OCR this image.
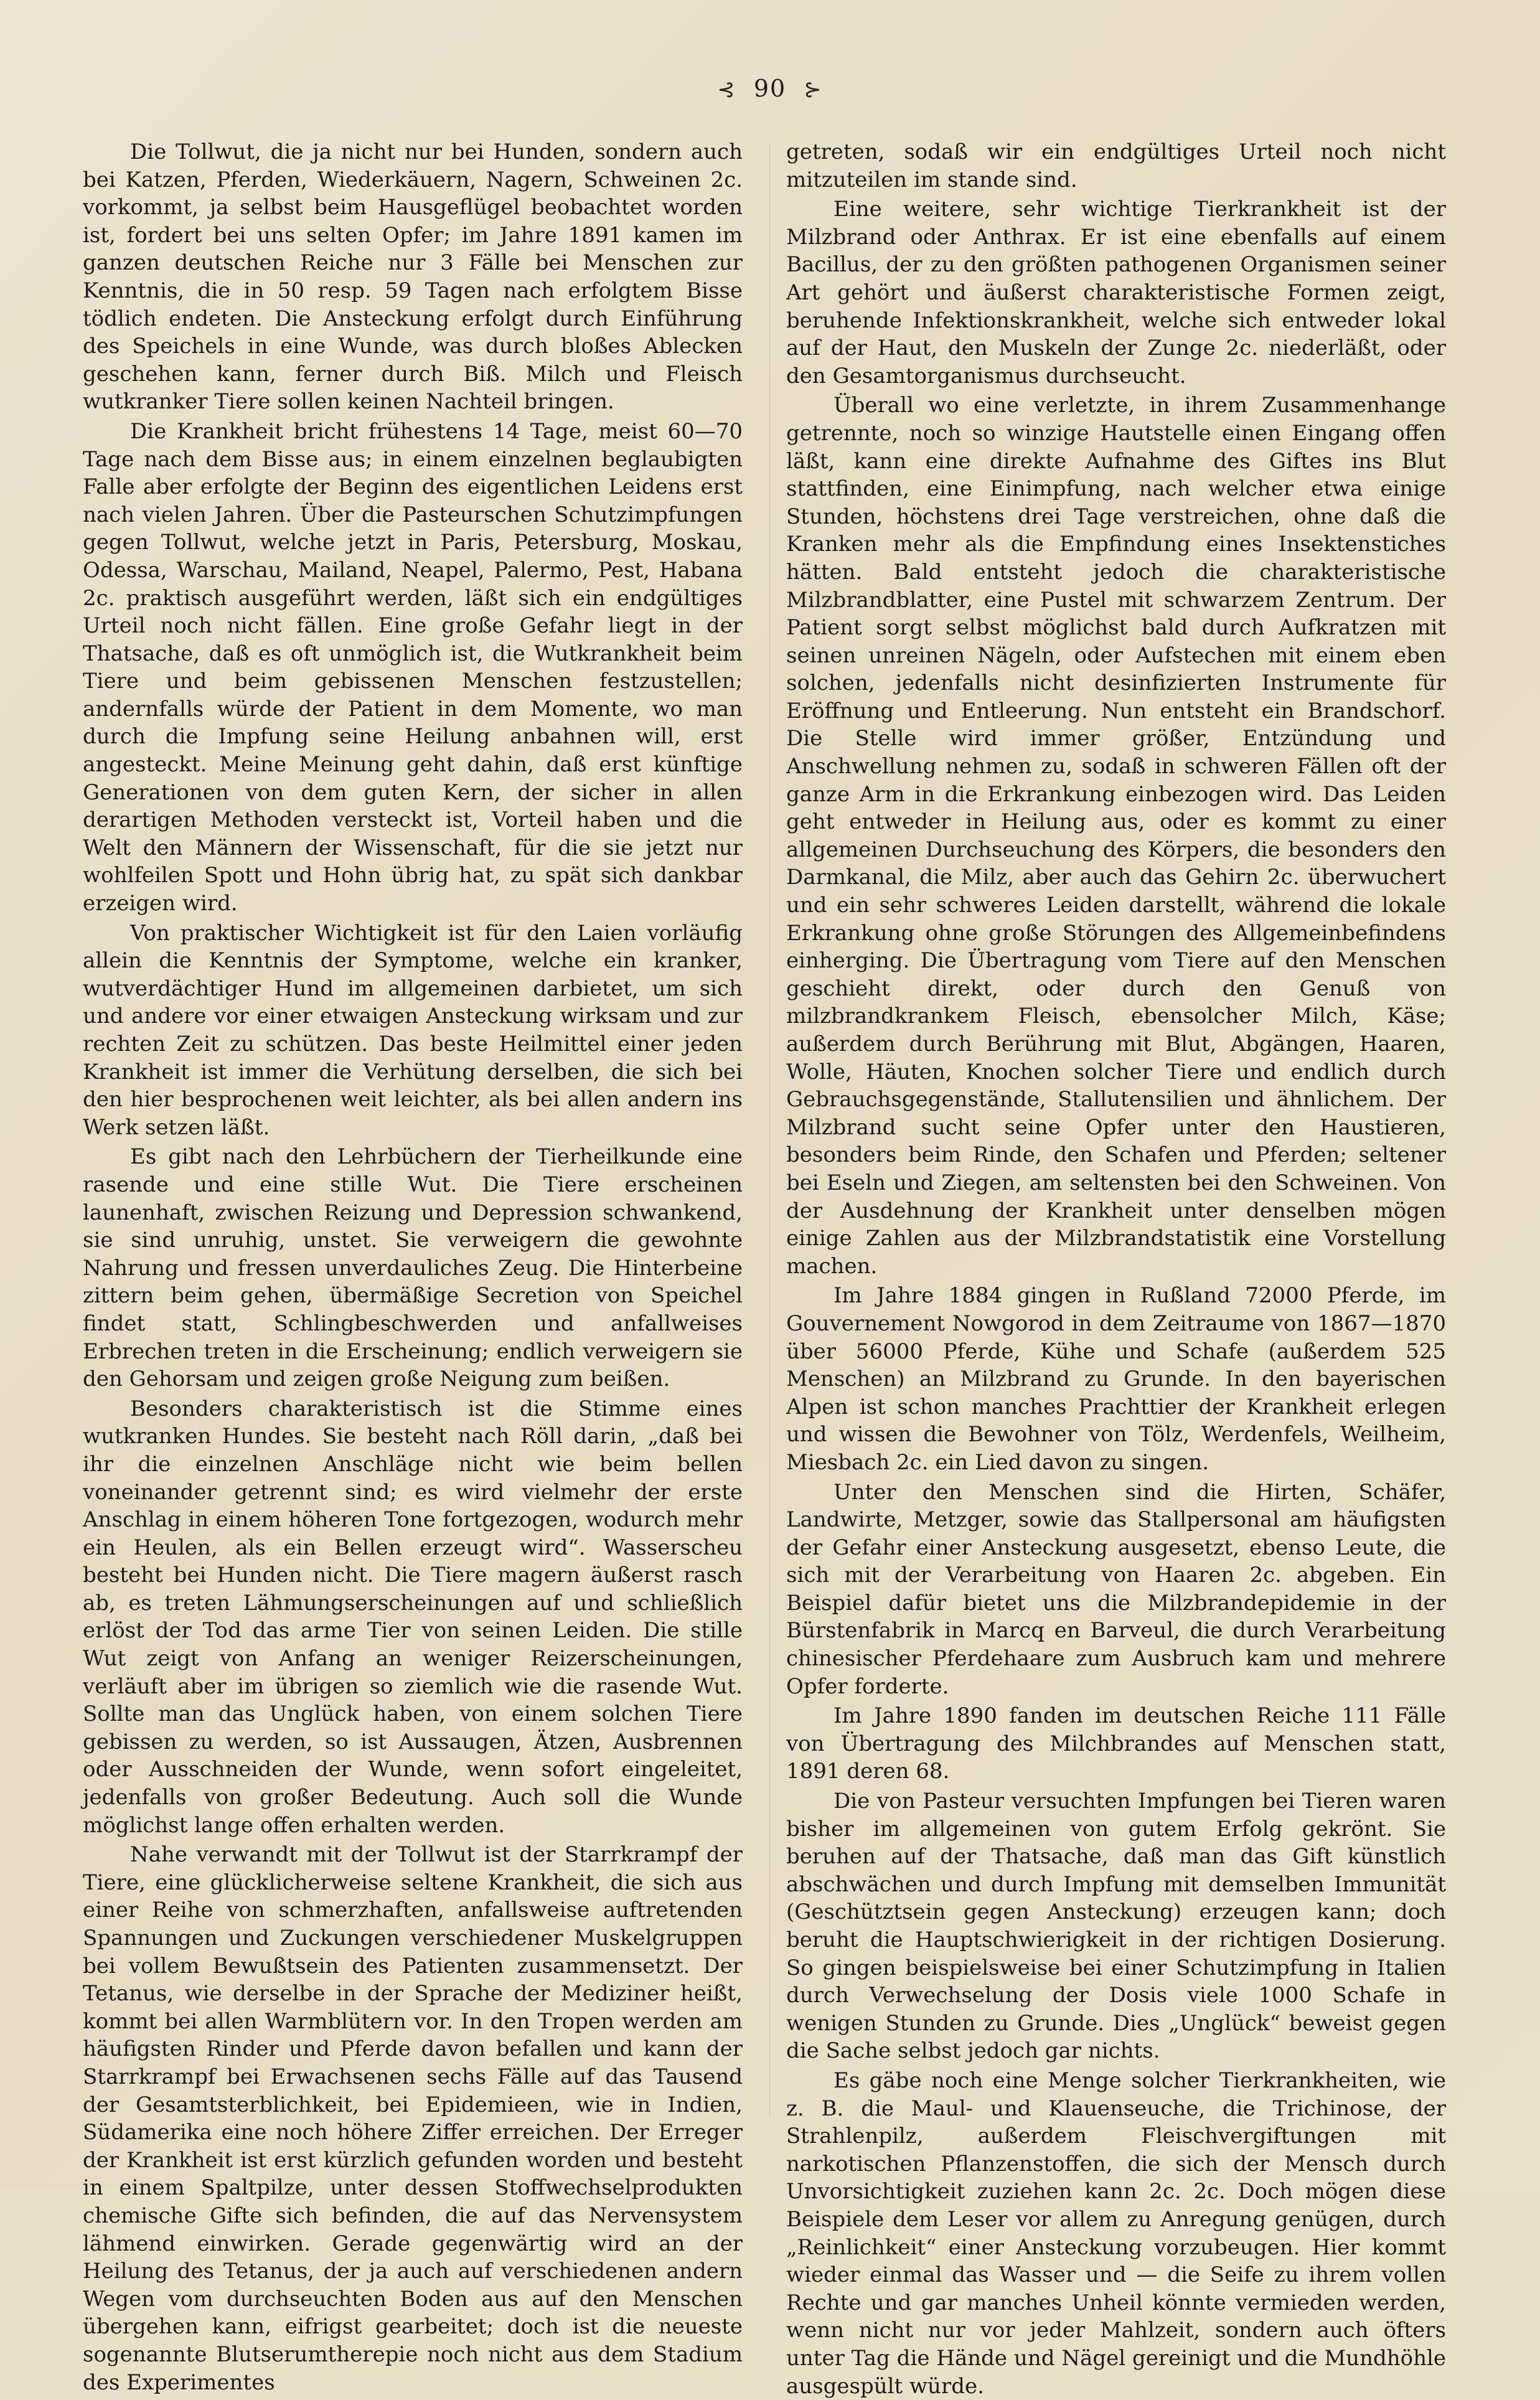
⊰ 90 ⊱

Die Tollwut, die ja nicht nur bei Hunden, sondern auch bei Katzen, Pferden, Wiederkäuern, Nagern, Schweinen 2c. vorkommt, ja selbst beim Hausgeflügel beobachtet worden ist, fordert bei uns selten Opfer; im Jahre 1891 kamen im ganzen deutschen Reiche nur 3 Fälle bei Menschen zur Kenntnis, die in 50 resp. 59 Tagen nach erfolgtem Bisse tödlich endeten. Die Ansteckung erfolgt durch Einführung des Speichels in eine Wunde, was durch bloßes Ablecken geschehen kann, ferner durch Biß. Milch und Fleisch wutkranker Tiere sollen keinen Nachteil bringen.

Die Krankheit bricht frühestens 14 Tage, meist 60—70 Tage nach dem Bisse aus; in einem einzelnen beglaubigten Falle aber erfolgte der Beginn des eigentlichen Leidens erst nach vielen Jahren. Über die Pasteurschen Schutzimpfungen gegen Tollwut, welche jetzt in Paris, Petersburg, Moskau, Odessa, Warschau, Mailand, Neapel, Palermo, Pest, Habana 2c. praktisch ausgeführt werden, läßt sich ein endgültiges Urteil noch nicht fällen. Eine große Gefahr liegt in der Thatsache, daß es oft unmöglich ist, die Wutkrankheit beim Tiere und beim gebissenen Menschen festzustellen; andernfalls würde der Patient in dem Momente, wo man durch die Impfung seine Heilung anbahnen will, erst angesteckt. Meine Meinung geht dahin, daß erst künftige Generationen von dem guten Kern, der sicher in allen derartigen Methoden versteckt ist, Vorteil haben und die Welt den Männern der Wissenschaft, für die sie jetzt nur wohlfeilen Spott und Hohn übrig hat, zu spät sich dankbar erzeigen wird.

Von praktischer Wichtigkeit ist für den Laien vorläufig allein die Kenntnis der Symptome, welche ein kranker, wutverdächtiger Hund im allgemeinen darbietet, um sich und andere vor einer etwaigen Ansteckung wirksam und zur rechten Zeit zu schützen. Das beste Heilmittel einer jeden Krankheit ist immer die Verhütung derselben, die sich bei den hier besprochenen weit leichter, als bei allen andern ins Werk setzen läßt.

Es gibt nach den Lehrbüchern der Tierheilkunde eine rasende und eine stille Wut. Die Tiere erscheinen launenhaft, zwischen Reizung und Depression schwankend, sie sind unruhig, unstet. Sie verweigern die gewohnte Nahrung und fressen unverdauliches Zeug. Die Hinterbeine zittern beim gehen, übermäßige Secretion von Speichel findet statt, Schlingbeschwerden und anfallweises Erbrechen treten in die Erscheinung; endlich verweigern sie den Gehorsam und zeigen große Neigung zum beißen.

Besonders charakteristisch ist die Stimme eines wutkranken Hundes. Sie besteht nach Röll darin, „daß bei ihr die einzelnen Anschläge nicht wie beim bellen voneinander getrennt sind; es wird vielmehr der erste Anschlag in einem höheren Tone fortgezogen, wodurch mehr ein Heulen, als ein Bellen erzeugt wird“. Wasserscheu besteht bei Hunden nicht. Die Tiere magern äußerst rasch ab, es treten Lähmungserscheinungen auf und schließlich erlöst der Tod das arme Tier von seinen Leiden. Die stille Wut zeigt von Anfang an weniger Reizerscheinungen, verläuft aber im übrigen so ziemlich wie die rasende Wut. Sollte man das Unglück haben, von einem solchen Tiere gebissen zu werden, so ist Aussaugen, Ätzen, Ausbrennen oder Ausschneiden der Wunde, wenn sofort eingeleitet, jedenfalls von großer Bedeutung. Auch soll die Wunde möglichst lange offen erhalten werden.

Nahe verwandt mit der Tollwut ist der Starrkrampf der Tiere, eine glücklicherweise seltene Krankheit, die sich aus einer Reihe von schmerzhaften, anfallsweise auftretenden Spannungen und Zuckungen verschiedener Muskelgruppen bei vollem Bewußtsein des Patienten zusammensetzt. Der Tetanus, wie derselbe in der Sprache der Mediziner heißt, kommt bei allen Warmblütern vor. In den Tropen werden am häufigsten Rinder und Pferde davon befallen und kann der Starrkrampf bei Erwachsenen sechs Fälle auf das Tausend der Gesamtsterblichkeit, bei Epidemieen, wie in Indien, Südamerika eine noch höhere Ziffer erreichen. Der Erreger der Krankheit ist erst kürzlich gefunden worden und besteht in einem Spaltpilze, unter dessen Stoffwechselprodukten chemische Gifte sich befinden, die auf das Nervensystem lähmend einwirken. Gerade gegenwärtig wird an der Heilung des Tetanus, der ja auch auf verschiedenen andern Wegen vom durchseuchten Boden aus auf den Menschen übergehen kann, eifrigst gearbeitet; doch ist die neueste sogenannte Blutserumtherepie noch nicht aus dem Stadium des Experimentes

getreten, sodaß wir ein endgültiges Urteil noch nicht mitzuteilen im stande sind.

Eine weitere, sehr wichtige Tierkrankheit ist der Milzbrand oder Anthrax. Er ist eine ebenfalls auf einem Bacillus, der zu den größten pathogenen Organismen seiner Art gehört und äußerst charakteristische Formen zeigt, beruhende Infektionskrankheit, welche sich entweder lokal auf der Haut, den Muskeln der Zunge 2c. niederläßt, oder den Gesamtorganismus durchseucht.

Überall wo eine verletzte, in ihrem Zusammenhange getrennte, noch so winzige Hautstelle einen Eingang offen läßt, kann eine direkte Aufnahme des Giftes ins Blut stattfinden, eine Einimpfung, nach welcher etwa einige Stunden, höchstens drei Tage verstreichen, ohne daß die Kranken mehr als die Empfindung eines Insektenstiches hätten. Bald entsteht jedoch die charakteristische Milzbrandblatter, eine Pustel mit schwarzem Zentrum. Der Patient sorgt selbst möglichst bald durch Aufkratzen mit seinen unreinen Nägeln, oder Aufstechen mit einem eben solchen, jedenfalls nicht desinfizierten Instrumente für Eröffnung und Entleerung. Nun entsteht ein Brandschorf. Die Stelle wird immer größer, Entzündung und Anschwellung nehmen zu, sodaß in schweren Fällen oft der ganze Arm in die Erkrankung einbezogen wird. Das Leiden geht entweder in Heilung aus, oder es kommt zu einer allgemeinen Durchseuchung des Körpers, die besonders den Darmkanal, die Milz, aber auch das Gehirn 2c. überwuchert und ein sehr schweres Leiden darstellt, während die lokale Erkrankung ohne große Störungen des Allgemeinbefindens einherging. Die Übertragung vom Tiere auf den Menschen geschieht direkt, oder durch den Genuß von milzbrandkrankem Fleisch, ebensolcher Milch, Käse; außerdem durch Berührung mit Blut, Abgängen, Haaren, Wolle, Häuten, Knochen solcher Tiere und endlich durch Gebrauchsgegenstände, Stallutensilien und ähnlichem. Der Milzbrand sucht seine Opfer unter den Haustieren, besonders beim Rinde, den Schafen und Pferden; seltener bei Eseln und Ziegen, am seltensten bei den Schweinen. Von der Ausdehnung der Krankheit unter denselben mögen einige Zahlen aus der Milzbrandstatistik eine Vorstellung machen.

Im Jahre 1884 gingen in Rußland 72000 Pferde, im Gouvernement Nowgorod in dem Zeitraume von 1867—1870 über 56000 Pferde, Kühe und Schafe (außerdem 525 Menschen) an Milzbrand zu Grunde. In den bayerischen Alpen ist schon manches Prachttier der Krankheit erlegen und wissen die Bewohner von Tölz, Werdenfels, Weilheim, Miesbach 2c. ein Lied davon zu singen.

Unter den Menschen sind die Hirten, Schäfer, Landwirte, Metzger, sowie das Stallpersonal am häufigsten der Gefahr einer Ansteckung ausgesetzt, ebenso Leute, die sich mit der Verarbeitung von Haaren 2c. abgeben. Ein Beispiel dafür bietet uns die Milzbrandepidemie in der Bürstenfabrik in Marcq en Barveul, die durch Verarbeitung chinesischer Pferdehaare zum Ausbruch kam und mehrere Opfer forderte.

Im Jahre 1890 fanden im deutschen Reiche 111 Fälle von Übertragung des Milchbrandes auf Menschen statt, 1891 deren 68.

Die von Pasteur versuchten Impfungen bei Tieren waren bisher im allgemeinen von gutem Erfolg gekrönt. Sie beruhen auf der Thatsache, daß man das Gift künstlich abschwächen und durch Impfung mit demselben Immunität (Geschütztsein gegen Ansteckung) erzeugen kann; doch beruht die Hauptschwierigkeit in der richtigen Dosierung. So gingen beispielsweise bei einer Schutzimpfung in Italien durch Verwechselung der Dosis viele 1000 Schafe in wenigen Stunden zu Grunde. Dies „Unglück“ beweist gegen die Sache selbst jedoch gar nichts.

Es gäbe noch eine Menge solcher Tierkrankheiten, wie z. B. die Maul- und Klauenseuche, die Trichinose, der Strahlenpilz, außerdem Fleischvergiftungen mit narkotischen Pflanzenstoffen, die sich der Mensch durch Unvorsichtigkeit zuziehen kann 2c. 2c. Doch mögen diese Beispiele dem Leser vor allem zu Anregung genügen, durch „Reinlichkeit“ einer Ansteckung vorzubeugen. Hier kommt wieder einmal das Wasser und — die Seife zu ihrem vollen Rechte und gar manches Unheil könnte vermieden werden, wenn nicht nur vor jeder Mahlzeit, sondern auch öfters unter Tag die Hände und Nägel gereinigt und die Mundhöhle ausgespült würde.
